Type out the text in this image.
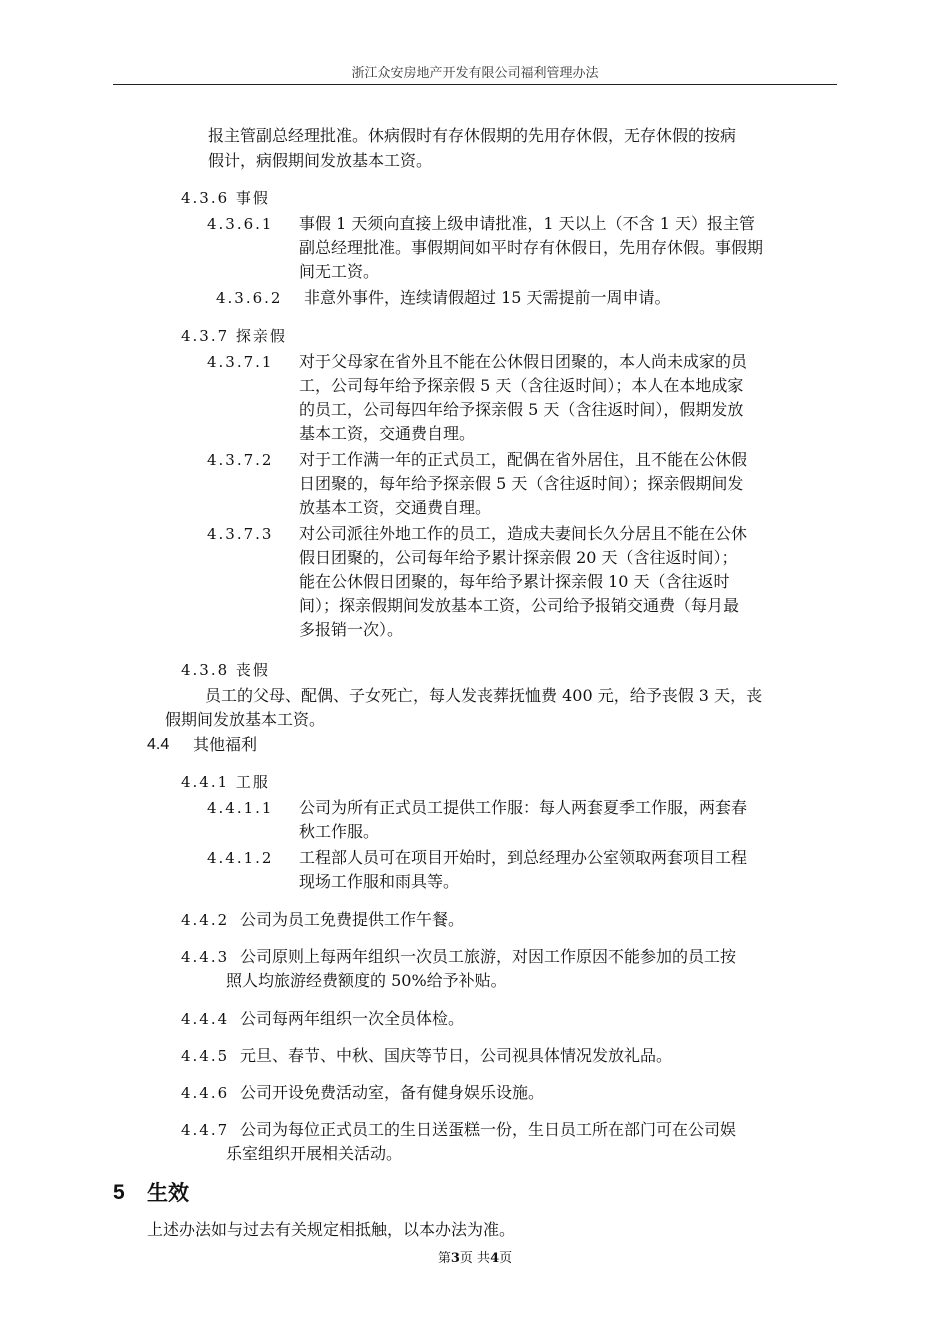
浙江众安房地产开发有限公司福利管理办法
报主管副总经理批准。休病假时有存休假期的先用存休假，无存休假的按病
假计，病假期间发放基本工资。
4.3.6 事假
4.3.6.1 事假 1 天须向直接上级申请批准，1 天以上（不含 1 天）报主管
副总经理批准。事假期间如平时存有休假日，先用存休假。事假期
间无工资。
4.3.6.2 非意外事件，连续请假超过 15 天需提前一周申请。
4.3.7 探亲假
4.3.7.1 对于父母家在省外且不能在公休假日团聚的，本人尚未成家的员
工，公司每年给予探亲假 5 天（含往返时间）；本人在本地成家
的员工，公司每四年给予探亲假 5 天（含往返时间），假期发放
基本工资，交通费自理。
4.3.7.2 对于工作满一年的正式员工，配偶在省外居住，且不能在公休假
日团聚的，每年给予探亲假 5 天（含往返时间）；探亲假期间发
放基本工资，交通费自理。
4.3.7.3 对公司派往外地工作的员工，造成夫妻间长久分居且不能在公休
假日团聚的，公司每年给予累计探亲假 20 天（含往返时间）；
能在公休假日团聚的，每年给予累计探亲假 10 天（含往返时
间）；探亲假期间发放基本工资，公司给予报销交通费（每月最
多报销一次）。
4.3.8 丧假
员工的父母、配偶、子女死亡，每人发丧葬抚恤费 400 元，给予丧假 3 天，丧
假期间发放基本工资。
4.4 其他福利
4.4.1 工服
4.4.1.1 公司为所有正式员工提供工作服：每人两套夏季工作服，两套春
秋工作服。
4.4.1.2 工程部人员可在项目开始时，到总经理办公室领取两套项目工程
现场工作服和雨具等。
4.4.2 公司为员工免费提供工作午餐。
4.4.3 公司原则上每两年组织一次员工旅游，对因工作原因不能参加的员工按
照人均旅游经费额度的 50%给予补贴。
4.4.4 公司每两年组织一次全员体检。
4.4.5 元旦、春节、中秋、国庆等节日，公司视具体情况发放礼品。
4.4.6 公司开设免费活动室，备有健身娱乐设施。
4.4.7 公司为每位正式员工的生日送蛋糕一份，生日员工所在部门可在公司娱
乐室组织开展相关活动。
5 生效
上述办法如与过去有关规定相抵触，以本办法为准。
第3页 共4页
